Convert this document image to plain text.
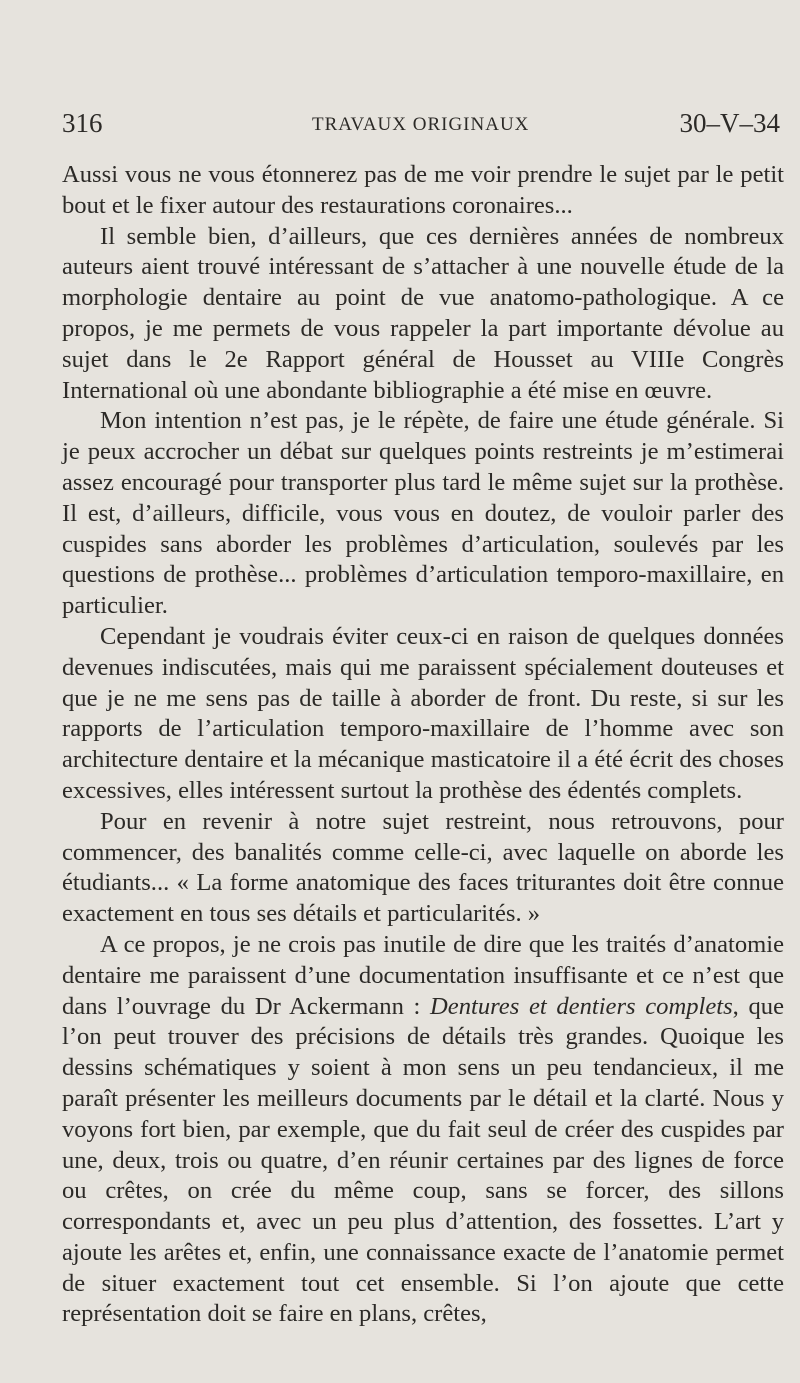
316	TRAVAUX ORIGINAUX	30–V–34

Aussi vous ne vous étonnerez pas de me voir prendre le sujet par le petit bout et le fixer autour des restaurations coronaires...

Il semble bien, d’ailleurs, que ces dernières années de nombreux auteurs aient trouvé intéressant de s’attacher à une nouvelle étude de la morphologie dentaire au point de vue anatomo-pathologique. A ce propos, je me permets de vous rappeler la part importante dévolue au sujet dans le 2e Rapport général de Housset au VIIIe Congrès International où une abondante bibliographie a été mise en œuvre.

Mon intention n’est pas, je le répète, de faire une étude générale. Si je peux accrocher un débat sur quelques points restreints je m’estimerai assez encouragé pour transporter plus tard le même sujet sur la prothèse. Il est, d’ailleurs, difficile, vous vous en doutez, de vouloir parler des cuspides sans aborder les problèmes d’articulation, soulevés par les questions de prothèse... problèmes d’articulation temporo-maxillaire, en particulier.

Cependant je voudrais éviter ceux-ci en raison de quelques données devenues indiscutées, mais qui me paraissent spécialement douteuses et que je ne me sens pas de taille à aborder de front. Du reste, si sur les rapports de l’articulation temporo-maxillaire de l’homme avec son architecture dentaire et la mécanique masticatoire il a été écrit des choses excessives, elles intéressent surtout la prothèse des édentés complets.

Pour en revenir à notre sujet restreint, nous retrouvons, pour commencer, des banalités comme celle-ci, avec laquelle on aborde les étudiants... « La forme anatomique des faces triturantes doit être connue exactement en tous ses détails et particularités. »

A ce propos, je ne crois pas inutile de dire que les traités d’anatomie dentaire me paraissent d’une documentation insuffisante et ce n’est que dans l’ouvrage du Dr Ackermann : Dentures et dentiers complets, que l’on peut trouver des précisions de détails très grandes. Quoique les dessins schématiques y soient à mon sens un peu tendancieux, il me paraît présenter les meilleurs documents par le détail et la clarté. Nous y voyons fort bien, par exemple, que du fait seul de créer des cuspides par une, deux, trois ou quatre, d’en réunir certaines par des lignes de force ou crêtes, on crée du même coup, sans se forcer, des sillons correspondants et, avec un peu plus d’attention, des fossettes. L’art y ajoute les arêtes et, enfin, une connaissance exacte de l’anatomie permet de situer exactement tout cet ensemble. Si l’on ajoute que cette représentation doit se faire en plans, crêtes,
